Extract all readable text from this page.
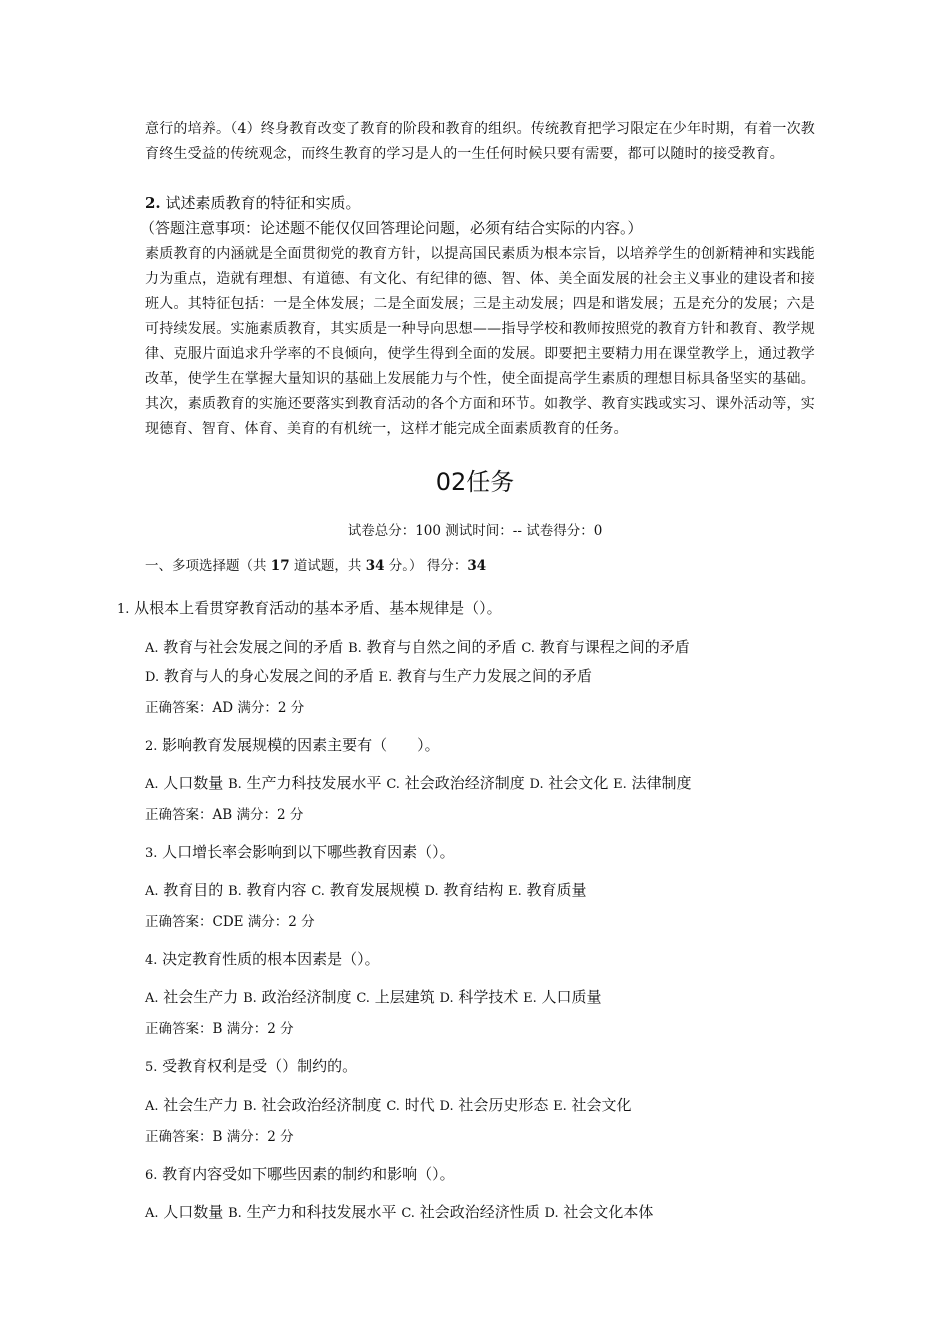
意行的培养。（4）终身教育改变了教育的阶段和教育的组织。传统教育把学习限定在少年时期，有着一次教育终生受益的传统观念，而终生教育的学习是人的一生任何时候只要有需要，都可以随时的接受教育。
2. 试述素质教育的特征和实质。
（答题注意事项：论述题不能仅仅回答理论问题，必须有结合实际的内容。）
素质教育的内涵就是全面贯彻党的教育方针，以提高国民素质为根本宗旨，以培养学生的创新精神和实践能力为重点，造就有理想、有道德、有文化、有纪律的德、智、体、美全面发展的社会主义事业的建设者和接班人。其特征包括：一是全体发展；二是全面发展；三是主动发展；四是和谐发展；五是充分的发展；六是可持续发展。实施素质教育，其实质是一种导向思想——指导学校和教师按照党的教育方针和教育、教学规律、克服片面追求升学率的不良倾向，使学生得到全面的发展。即要把主要精力用在课堂教学上，通过教学改革，使学生在掌握大量知识的基础上发展能力与个性，使全面提高学生素质的理想目标具备坚实的基础。其次，素质教育的实施还要落实到教育活动的各个方面和环节。如教学、教育实践或实习、课外活动等，实现德育、智育、体育、美育的有机统一，这样才能完成全面素质教育的任务。
02任务
试卷总分：100 测试时间：-- 试卷得分：0
一、多项选择题（共 17 道试题，共 34 分。） 得分：34
1. 从根本上看贯穿教育活动的基本矛盾、基本规律是（）。
A. 教育与社会发展之间的矛盾 B. 教育与自然之间的矛盾 C. 教育与课程之间的矛盾
D. 教育与人的身心发展之间的矛盾 E. 教育与生产力发展之间的矛盾
正确答案：AD 满分：2 分
2. 影响教育发展规模的因素主要有（　　）。
A. 人口数量 B. 生产力科技发展水平 C. 社会政治经济制度 D. 社会文化 E. 法律制度
正确答案：AB 满分：2 分
3. 人口增长率会影响到以下哪些教育因素（）。
A. 教育目的 B. 教育内容 C. 教育发展规模 D. 教育结构 E. 教育质量
正确答案：CDE 满分：2 分
4. 决定教育性质的根本因素是（）。
A. 社会生产力 B. 政治经济制度 C. 上层建筑 D. 科学技术 E. 人口质量
正确答案：B 满分：2 分
5. 受教育权利是受（）制约的。
A. 社会生产力 B. 社会政治经济制度 C. 时代 D. 社会历史形态 E. 社会文化
正确答案：B 满分：2 分
6. 教育内容受如下哪些因素的制约和影响（）。
A. 人口数量 B. 生产力和科技发展水平 C. 社会政治经济性质 D. 社会文化本体
